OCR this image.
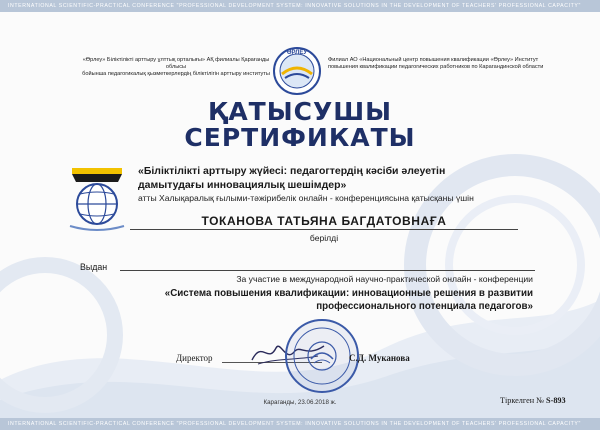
INTERNATIONAL SCIENTIFIC-PRACTICAL CONFERENCE "PROFESSIONAL DEVELOPMENT SYSTEM: INNOVATIVE SOLUTIONS IN THE DEVELOPMENT OF TEACHERS' PROFESSIONAL CAPACITY"
«Өрлеу» Біліктілікті арттыру ұлттық орталығы» АҚ филиалы Қарағанды облысы
бойынша педагогикалық қызметкерлердің біліктілігін арттыру институты
ӨРЛЕУ
Филиал АО «Национальный центр повышения квалификации «Өрлеу» Институт
повышения квалификации педагогических работников по Карагандинской области
ҚАТЫСУШЫ
СЕРТИФИКАТЫ
«Біліктілікті арттыру жүйесі: педагогтердің кәсіби әлеуетін
дамытудағы инновациялық шешімдер»
атты Халықаралық ғылыми-тәжірибелік онлайн - конференциясына қатысқаны үшін
ТОКАНОВА ТАТЬЯНА БАГДАТОВНАҒА
берілді
Выдан
За участие в международной научно-практической онлайн - конференции
«Система повышения квалификации: инновационные решения в развитии
профессионального потенциала педагогов»
Директор	С.Д. Муканова
Караганды, 23.06.2018 ж.	Тіркелген № S-893
INTERNATIONAL SCIENTIFIC-PRACTICAL CONFERENCE "PROFESSIONAL DEVELOPMENT SYSTEM: INNOVATIVE SOLUTIONS IN THE DEVELOPMENT OF TEACHERS' PROFESSIONAL CAPACITY"
